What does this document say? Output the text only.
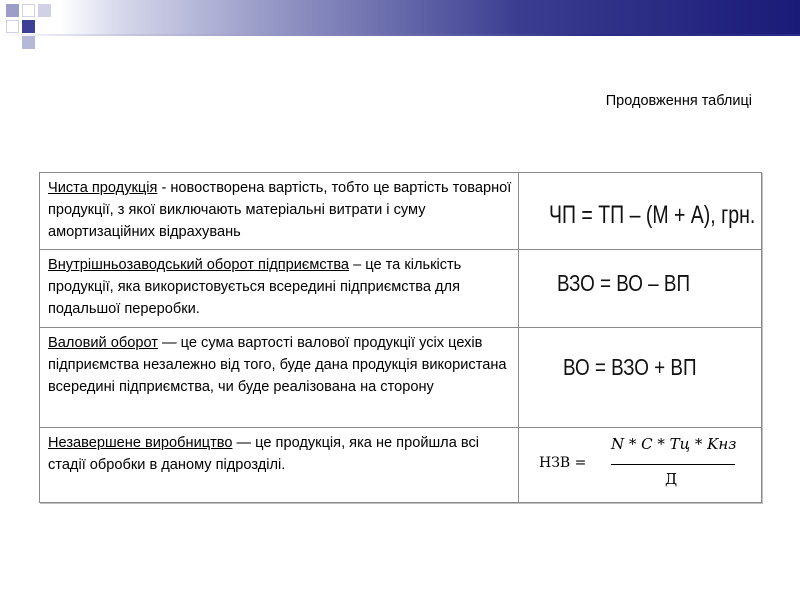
Продовження таблиці
Чиста продукція - новостворена вартість, тобто це вартість товарної продукції, з якої виключають матеріальні витрати і суму амортизаційних відрахувань
ЧП = ТП – (М + А), грн.
Внутрішньозаводський оборот підприємства – це та кількість продукції, яка використовується всередині підприємства для подальшої переробки.
ВЗО = ВО – ВП
Валовий оборот — це сума вартості валової продукції усіх цехів підприємства незалежно від того, буде дана продукція використана всередині підприємства, чи буде реалізована на сторону
ВО = ВЗО + ВП
Незавершене виробництво — це продукція, яка не пройшла всі стадії обробки в даному підрозділі.	НЗВ =
N * C * Tц * Kнз
Д
